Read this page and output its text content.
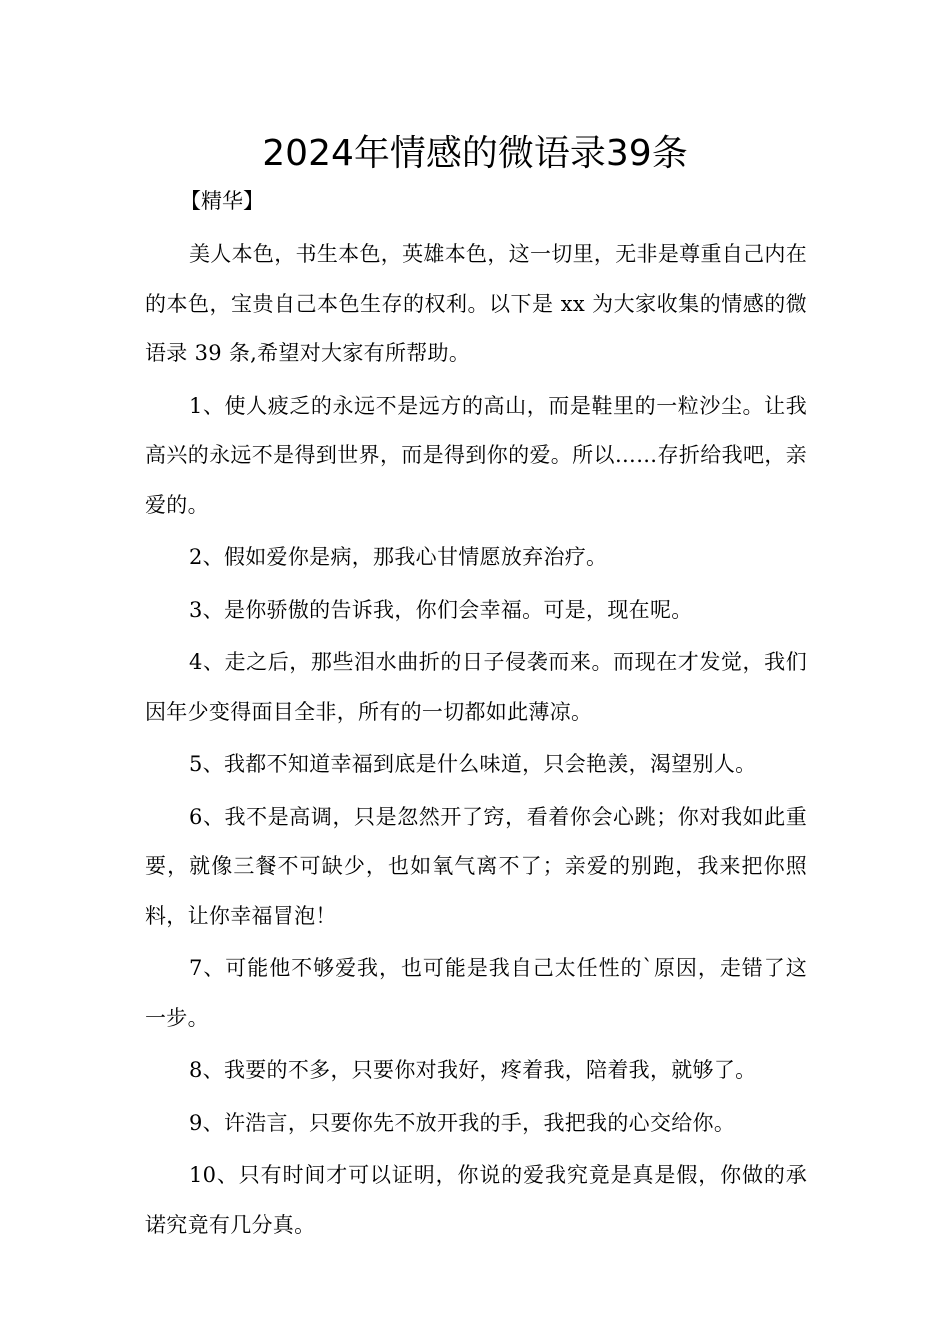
2024年情感的微语录39条

【精华】

美人本色，书生本色，英雄本色，这一切里，无非是尊重自己内在的本色，宝贵自己本色生存的权利。以下是 xx 为大家收集的情感的微语录 39 条,希望对大家有所帮助。

1、使人疲乏的永远不是远方的高山，而是鞋里的一粒沙尘。让我高兴的永远不是得到世界，而是得到你的爱。所以……存折给我吧，亲爱的。

2、假如爱你是病，那我心甘情愿放弃治疗。

3、是你骄傲的告诉我，你们会幸福。可是，现在呢。

4、走之后，那些泪水曲折的日子侵袭而来。而现在才发觉，我们因年少变得面目全非，所有的一切都如此薄凉。

5、我都不知道幸福到底是什么味道，只会艳羡，渴望别人。

6、我不是高调，只是忽然开了窍，看着你会心跳；你对我如此重要，就像三餐不可缺少，也如氧气离不了；亲爱的别跑，我来把你照料，让你幸福冒泡！

7、可能他不够爱我，也可能是我自己太任性的`原因，走错了这一步。

8、我要的不多，只要你对我好，疼着我，陪着我，就够了。

9、许浩言，只要你先不放开我的手，我把我的心交给你。

10、只有时间才可以证明，你说的爱我究竟是真是假，你做的承诺究竟有几分真。
